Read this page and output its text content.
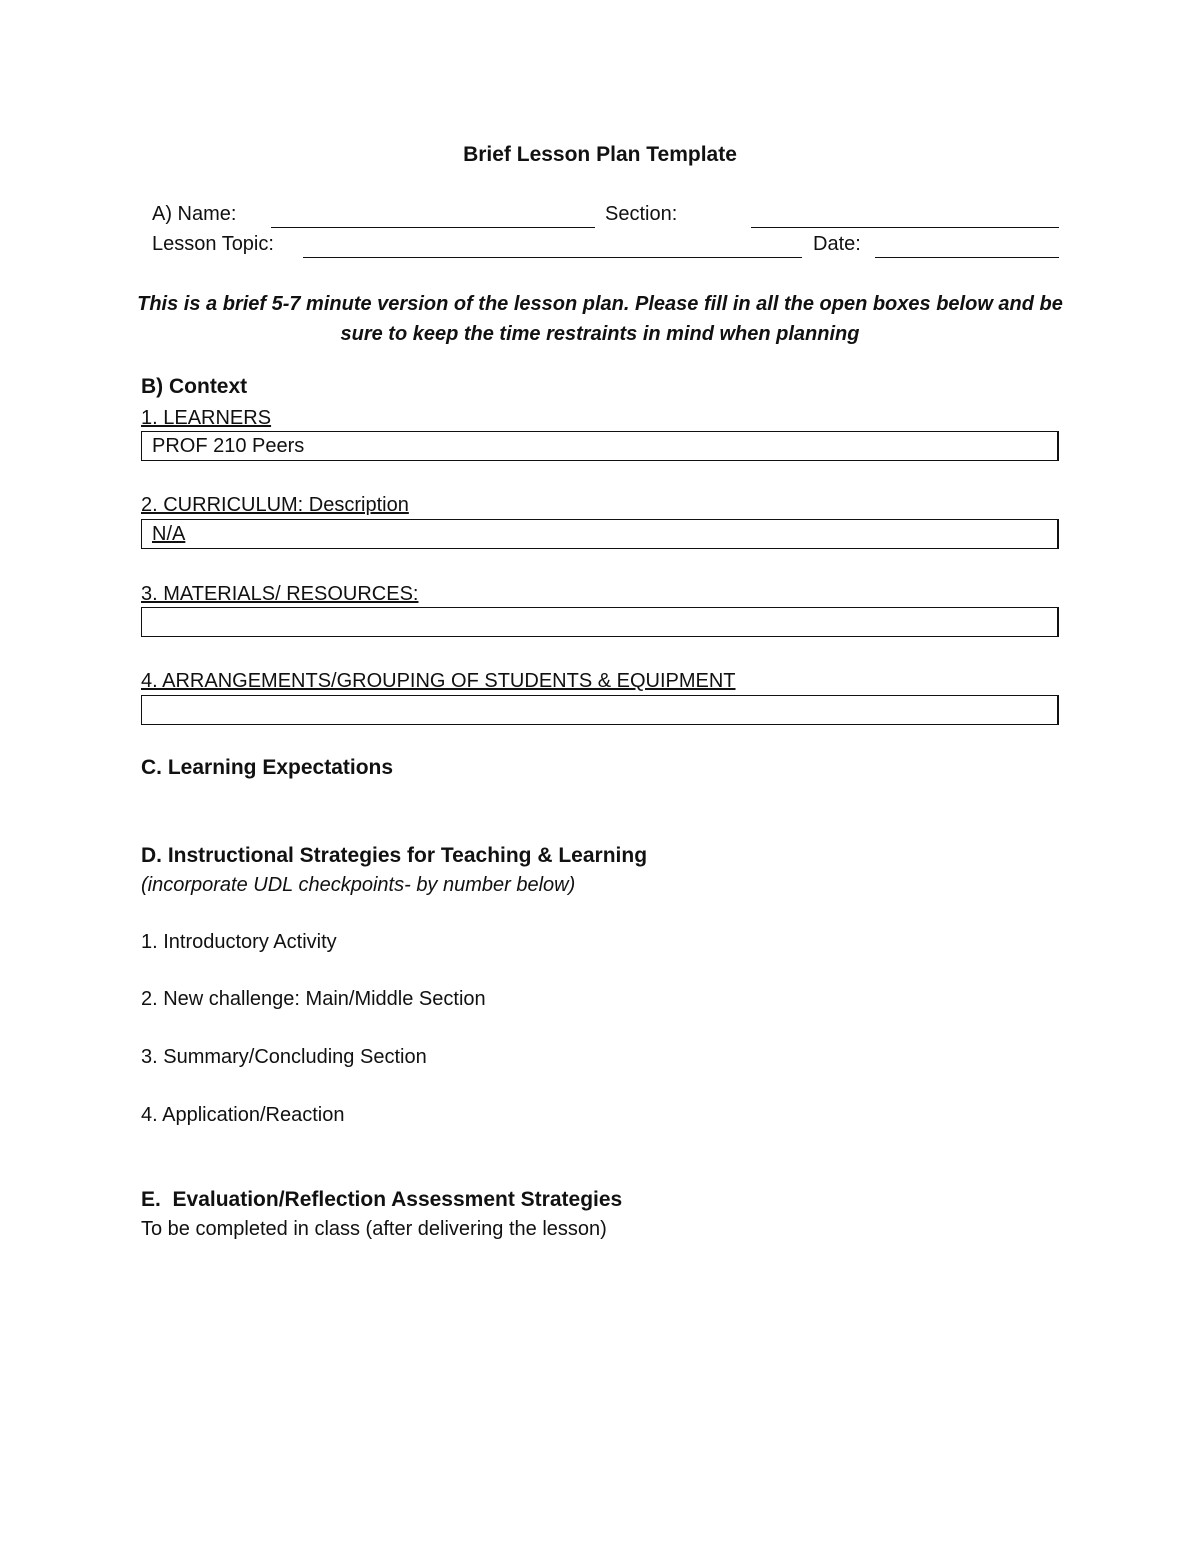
Brief Lesson Plan Template
A) Name:	Section:
Lesson Topic:	Date:
This is a brief 5-7 minute version of the lesson plan. Please fill in all the open boxes below and be sure to keep the time restraints in mind when planning
B) Context
1. LEARNERS
PROF 210 Peers
2. CURRICULUM: Description
N/A
3. MATERIALS/ RESOURCES:
4. ARRANGEMENTS/GROUPING OF STUDENTS & EQUIPMENT
C. Learning Expectations
D. Instructional Strategies for Teaching & Learning
(incorporate UDL checkpoints- by number below)
1. Introductory Activity
2. New challenge: Main/Middle Section
3. Summary/Concluding Section
4. Application/Reaction
E.  Evaluation/Reflection Assessment Strategies
To be completed in class (after delivering the lesson)
